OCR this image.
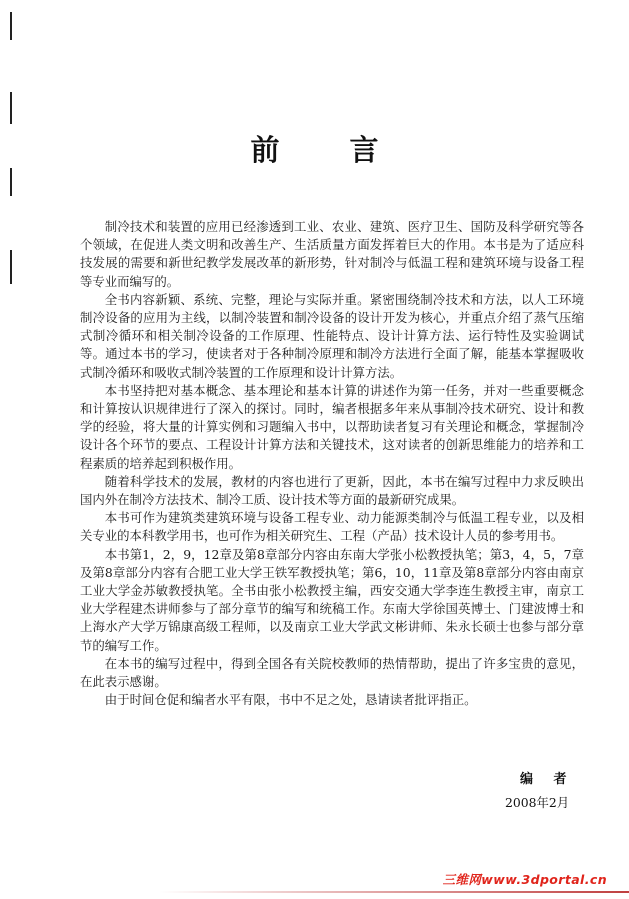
前 言

制冷技术和装置的应用已经渗透到工业、农业、建筑、医疗卫生、国防及科学研究等各个领域，在促进人类文明和改善生产、生活质量方面发挥着巨大的作用。本书是为了适应科技发展的需要和新世纪教学发展改革的新形势，针对制冷与低温工程和建筑环境与设备工程等专业而编写的。

全书内容新颖、系统、完整，理论与实际并重。紧密围绕制冷技术和方法，以人工环境制冷设备的应用为主线，以制冷装置和制冷设备的设计开发为核心，并重点介绍了蒸气压缩式制冷循环和相关制冷设备的工作原理、性能特点、设计计算方法、运行特性及实验调试等。通过本书的学习，使读者对于各种制冷原理和制冷方法进行全面了解，能基本掌握吸收式制冷循环和吸收式制冷装置的工作原理和设计计算方法。

本书坚持把对基本概念、基本理论和基本计算的讲述作为第一任务，并对一些重要概念和计算按认识规律进行了深入的探讨。同时，编者根据多年来从事制冷技术研究、设计和教学的经验，将大量的计算实例和习题编入书中，以帮助读者复习有关理论和概念，掌握制冷设计各个环节的要点、工程设计计算方法和关键技术，这对读者的创新思维能力的培养和工程素质的培养起到积极作用。

随着科学技术的发展，教材的内容也进行了更新，因此，本书在编写过程中力求反映出国内外在制冷方法技术、制冷工质、设计技术等方面的最新研究成果。

本书可作为建筑类建筑环境与设备工程专业、动力能源类制冷与低温工程专业，以及相关专业的本科教学用书，也可作为相关研究生、工程（产品）技术设计人员的参考用书。

本书第1，2，9，12章及第8章部分内容由东南大学张小松教授执笔；第3，4，5，7章及第8章部分内容有合肥工业大学王铁军教授执笔；第6，10，11章及第8章部分内容由南京工业大学金苏敏教授执笔。全书由张小松教授主编，西安交通大学李连生教授主审，南京工业大学程建杰讲师参与了部分章节的编写和统稿工作。东南大学徐国英博士、门建波博士和上海水产大学万锦康高级工程师，以及南京工业大学武文彬讲师、朱永长硕士也参与部分章节的编写工作。

在本书的编写过程中，得到全国各有关院校教师的热情帮助，提出了许多宝贵的意见，在此表示感谢。

由于时间仓促和编者水平有限，书中不足之处，恳请读者批评指正。

编 者
2008年2月
三维网www.3dportal.cn
